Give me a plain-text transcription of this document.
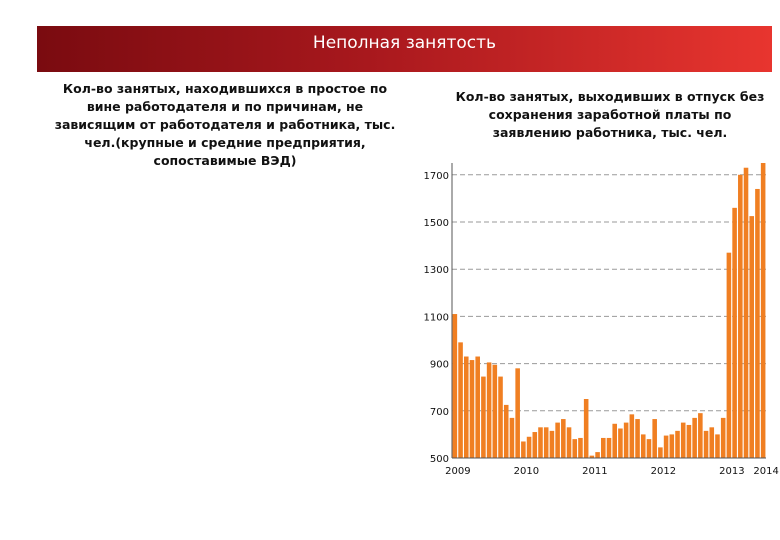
Неполная занятость
Кол-во занятых, находившихся в простое по вине работодателя и по причинам, не зависящим от работодателя и работника, тыс. чел.(крупные и средние предприятия, сопоставимые ВЭД)
Кол-во занятых, выходивших в отпуск без сохранения заработной платы по заявлению работника, тыс. чел.
1700
1500
1300
1100
900
700
500
2009	2010	2011	2012	2013 2014
